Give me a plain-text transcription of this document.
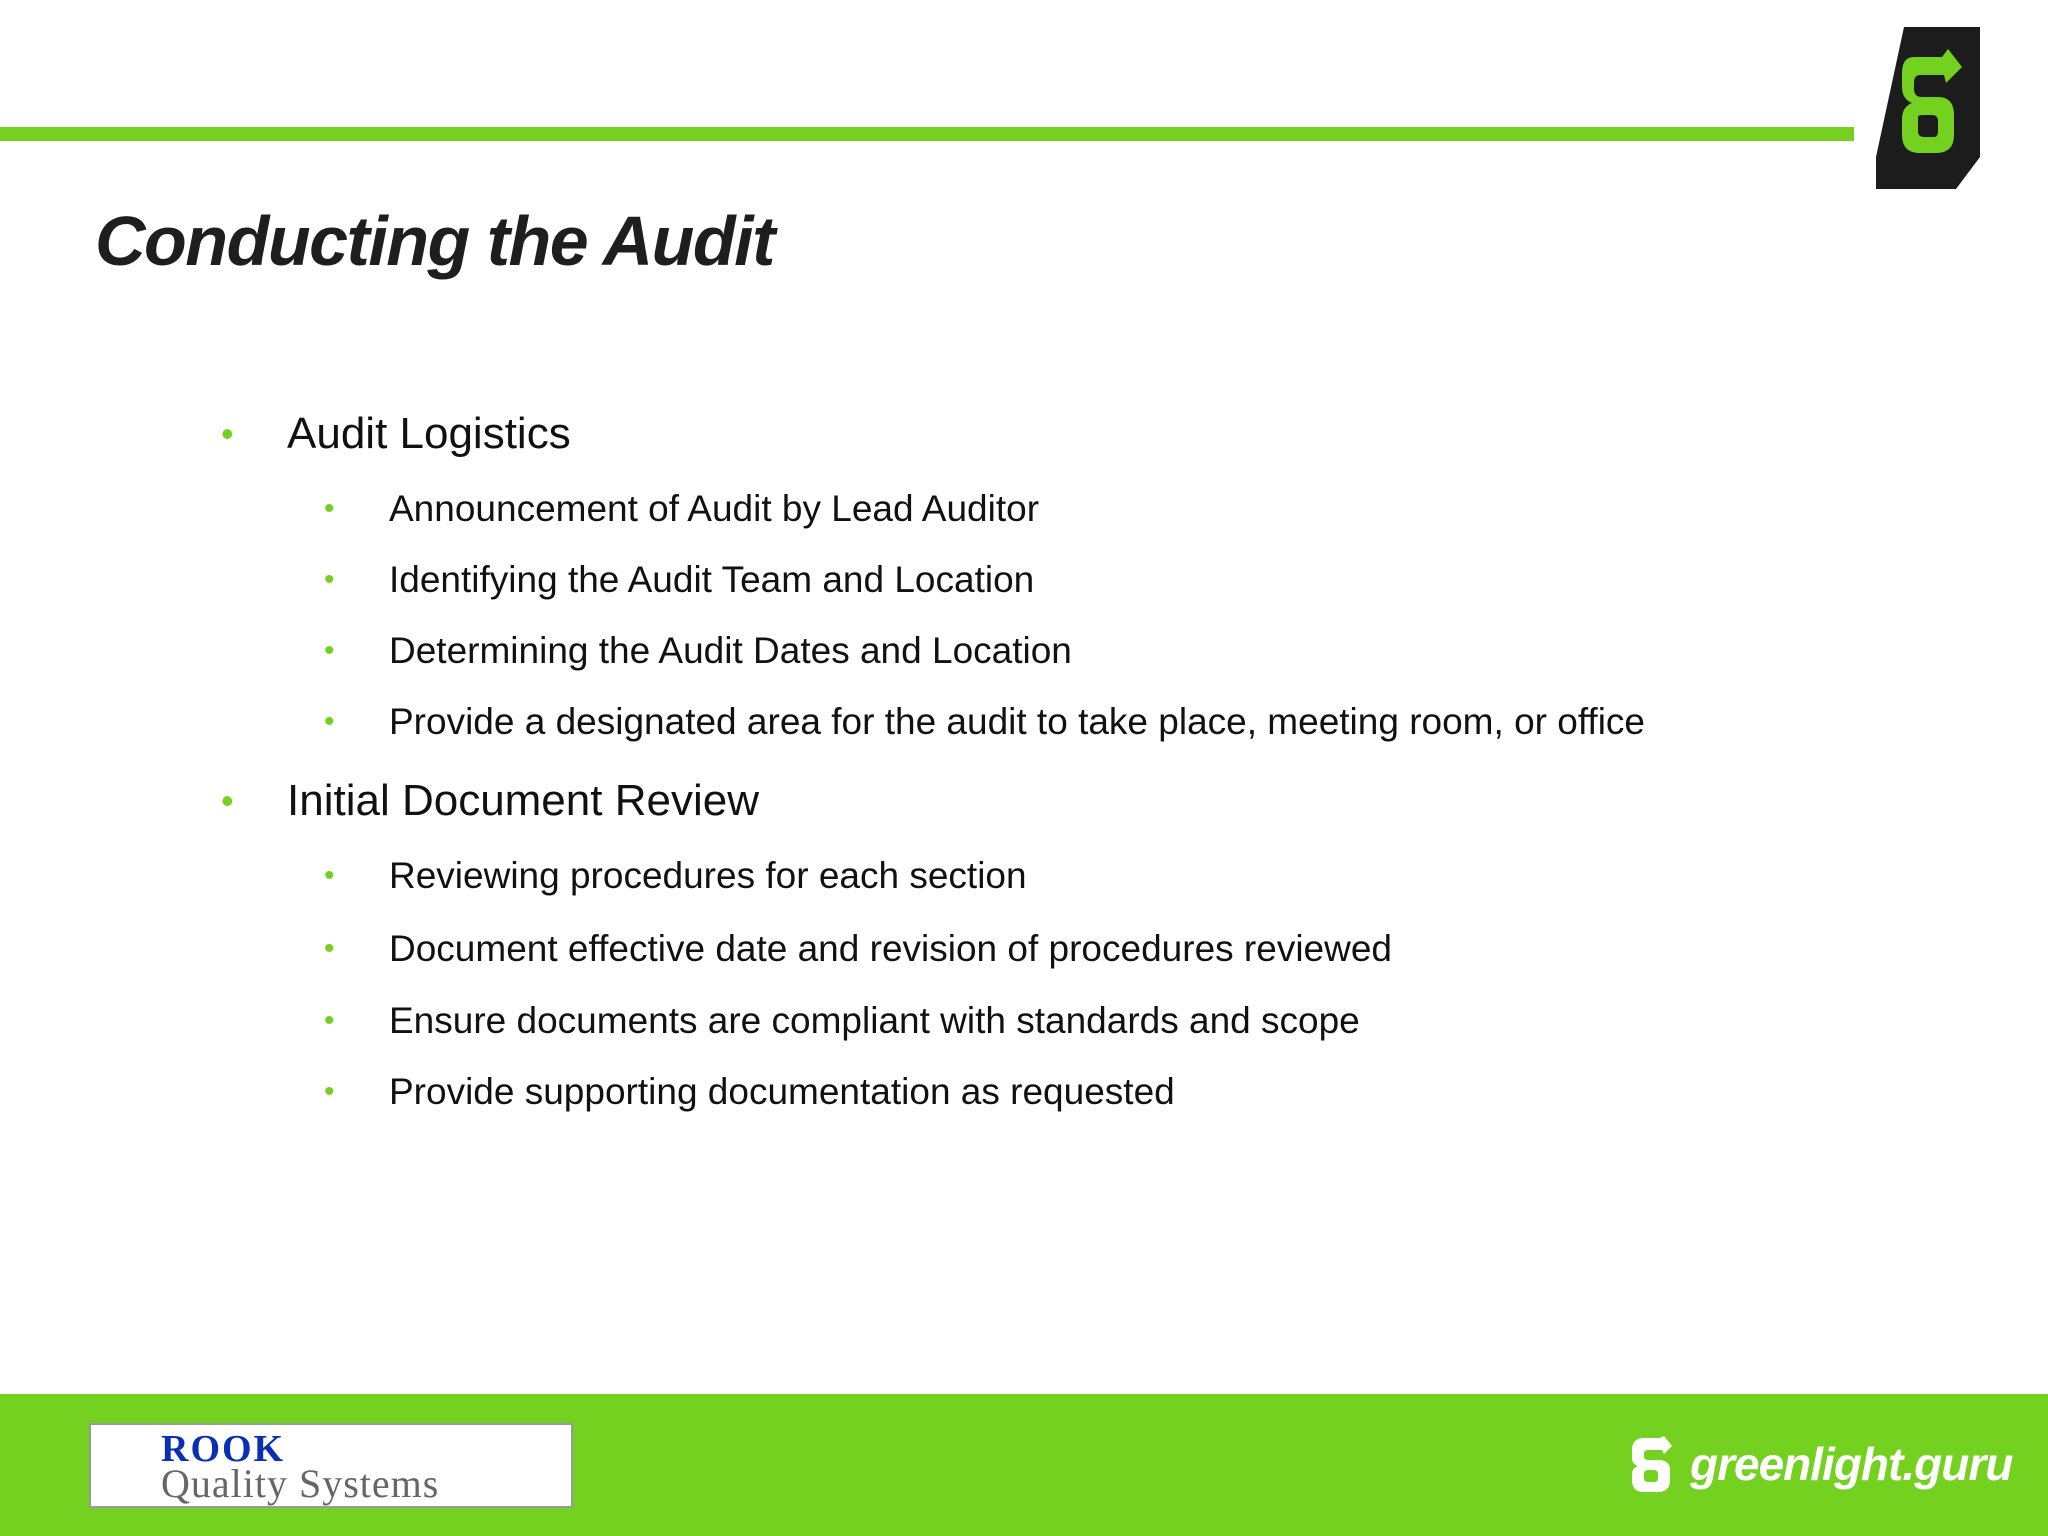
Conducting the Audit
• Audit Logistics
• Announcement of Audit by Lead Auditor
• Identifying the Audit Team and Location
• Determining the Audit Dates and Location
• Provide a designated area for the audit to take place, meeting room, or office
• Initial Document Review
• Reviewing procedures for each section
• Document effective date and revision of procedures reviewed
• Ensure documents are compliant with standards and scope
• Provide supporting documentation as requested
ROOK
Quality Systems	greenlight.guru
